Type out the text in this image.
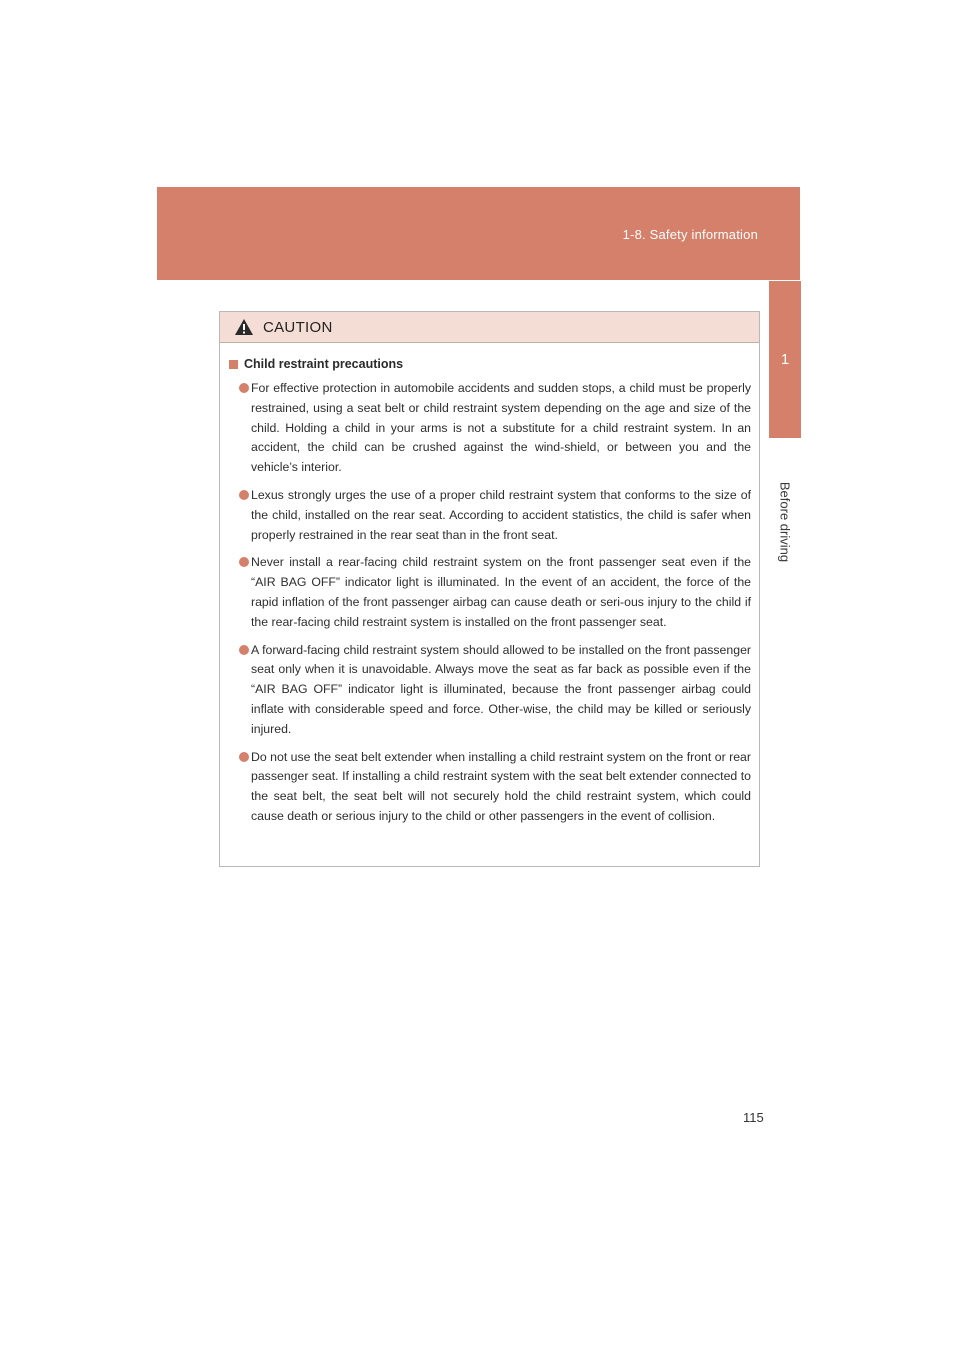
1-8. Safety information
1
Before driving
CAUTION
Child restraint precautions
For effective protection in automobile accidents and sudden stops, a child must be properly restrained, using a seat belt or child restraint system depending on the age and size of the child. Holding a child in your arms is not a substitute for a child restraint system. In an accident, the child can be crushed against the wind-shield, or between you and the vehicle’s interior.
Lexus strongly urges the use of a proper child restraint system that conforms to the size of the child, installed on the rear seat. According to accident statistics, the child is safer when properly restrained in the rear seat than in the front seat.
Never install a rear-facing child restraint system on the front passenger seat even if the “AIR BAG OFF” indicator light is illuminated. In the event of an accident, the force of the rapid inflation of the front passenger airbag can cause death or seri-ous injury to the child if the rear-facing child restraint system is installed on the front passenger seat.
A forward-facing child restraint system should allowed to be installed on the front passenger seat only when it is unavoidable. Always move the seat as far back as possible even if the “AIR BAG OFF” indicator light is illuminated, because the front passenger airbag could inflate with considerable speed and force. Other-wise, the child may be killed or seriously injured.
Do not use the seat belt extender when installing a child restraint system on the front or rear passenger seat. If installing a child restraint system with the seat belt extender connected to the seat belt, the seat belt will not securely hold the child restraint system, which could cause death or serious injury to the child or other passengers in the event of collision.
115
